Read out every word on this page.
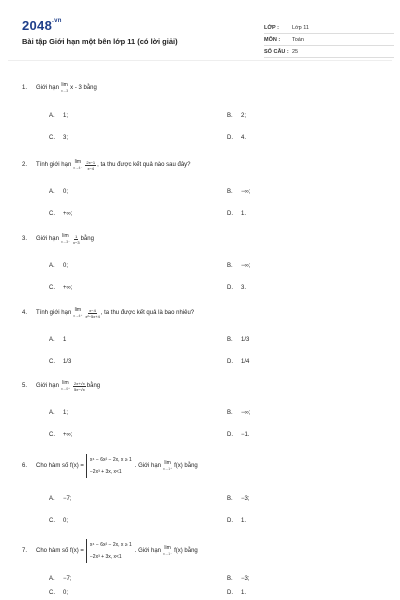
$2048^{.vn}$
Bài tập Giới hạn một bên lớp 11 (có lời giải)
LỚP :	Lớp 11
MÔN :	Toán
SỐ CÂU : 25
1.	Giới hạn lim
x→3 x - 3
bằng
A. 1;	B. 2;
C. 3;	D. 4.
2.	Tính giới hạn lim
$x\to 4^- \frac{2x-1}{x-4}$ , ta thu được kết quả nào sau đây?
A. 0;	B. −∞;
C. +∞;	D. 1.
3.	Giới hạn lim
$x\to 3^- \frac{1}{x-3}$ bằng
A. 0;	B. −∞;
C. +∞;	D. 3.
4.	Tính giới hạn lim
$x\to 4^+ \frac{x-4}{\text{x²−5x+4}}$ , ta thu được kết quả là bao nhiêu?
A. 1	B. 1/3
C. 1/3	D. 1/4
5.	Giới hạn lim
$x\to 0^+ \frac{2x+√x}{5x-√x}$ bằng
A. 1;	B. −∞;
C. +∞;	D. −1.
6.	Cho hàm số
f(x) =
x⁴ − 6x² − 2x, x ≥ 1
−2x³ + 3x, x<1
. Giới hạn lim
x→1⁺ f(x) bằng
A. −7;	B. −3;
C. 0;	D. 1.
7.	Cho hàm số
f(x) =
x⁴ − 6x² − 2x, x ≥ 1
−2x³ + 3x, x<1
. Giới hạn lim
x→1⁻ f(x) bằng
A. −7;	B. −3;
C. 0;	D. 1.
